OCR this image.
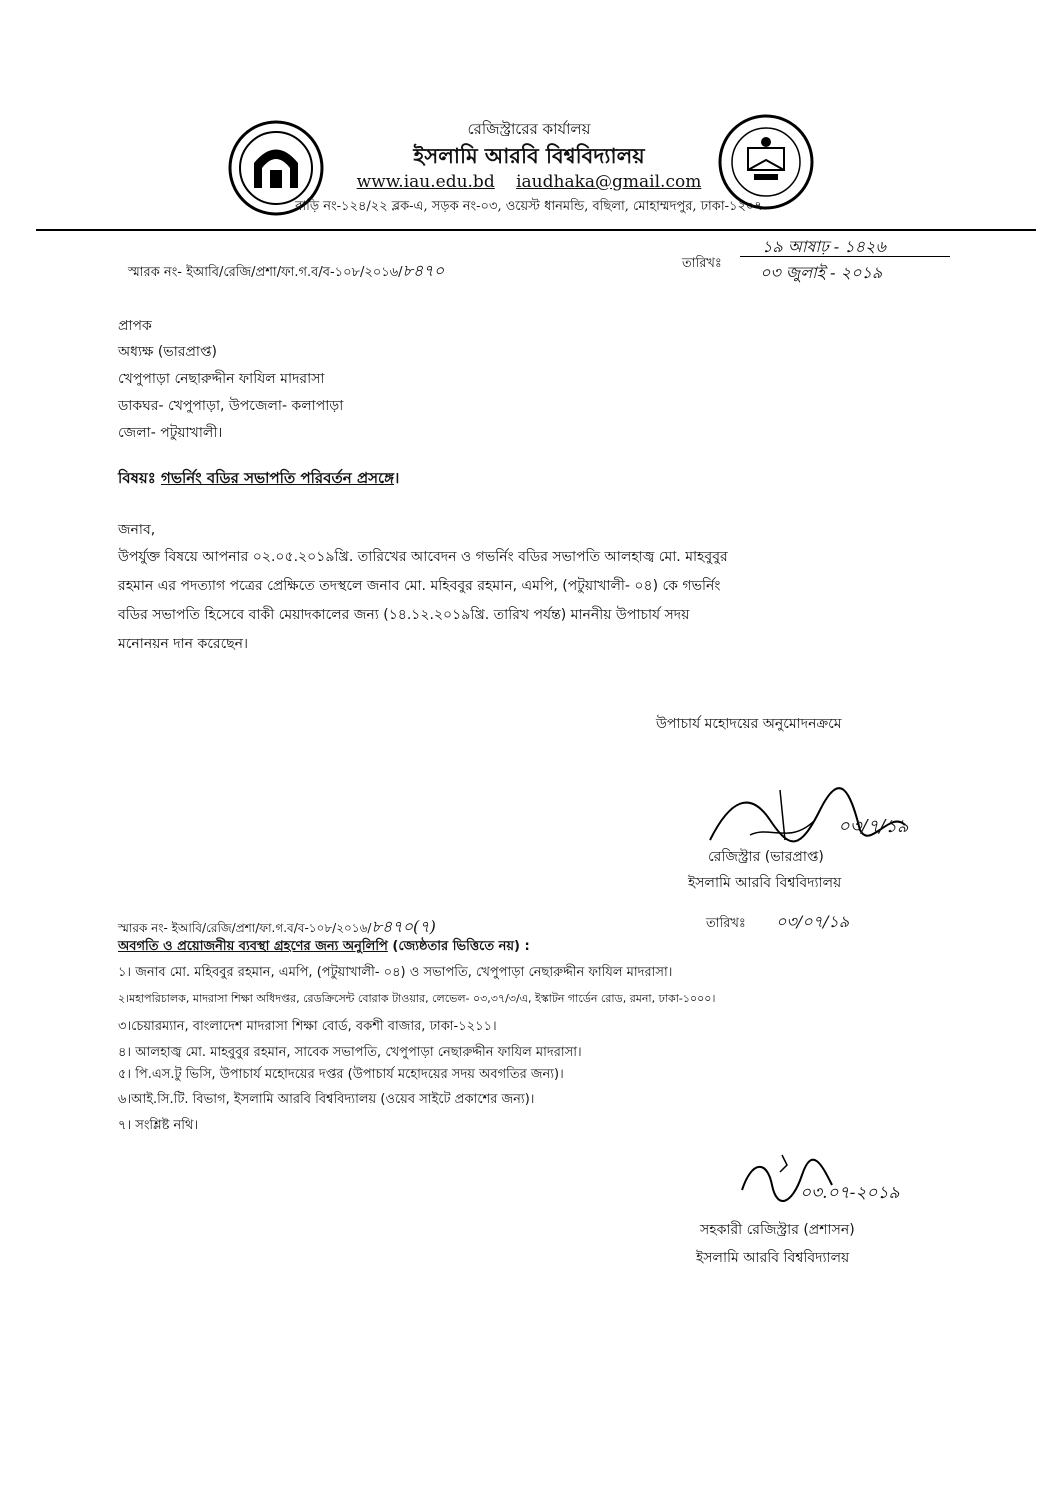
রেজিস্ট্রারের কার্যালয়
ইসলামি আরবি বিশ্ববিদ্যালয়
www.iau.edu.bd iaudhaka@gmail.com
বাড়ি নং-১২৪/২২ ব্লক-এ, সড়ক নং-০৩, ওয়েস্ট ধানমন্ডি, বছিলা, মোহাম্মদপুর, ঢাকা-১২০৭
স্মারক নং- ইআবি/রেজি/প্রশা/ফা.গ.ব/ব-১০৮/২০১৬/৮৪৭০	তারিখঃ
১৯ আষাঢ় - ১৪২৬
০৩ জুলাই - ২০১৯
প্রাপক
অধ্যক্ষ (ভারপ্রাপ্ত)
খেপুপাড়া নেছারুদ্দীন ফাযিল মাদরাসা
ডাকঘর- খেপুপাড়া, উপজেলা- কলাপাড়া
জেলা- পটুয়াখালী।
বিষয়ঃ গভর্নিং বডির সভাপতি পরিবর্তন প্রসঙ্গে।
জনাব,
উপর্যুক্ত বিষয়ে আপনার ০২.০৫.২০১৯খ্রি. তারিখের আবেদন ও গভর্নিং বডির সভাপতি আলহাজ্ব মো. মাহবুবুর
রহমান এর পদত্যাগ পত্রের প্রেক্ষিতে তদস্থলে জনাব মো. মহিববুর রহমান, এমপি, (পটুয়াখালী- ০৪) কে গভর্নিং
বডির সভাপতি হিসেবে বাকী মেয়াদকালের জন্য (১৪.১২.২০১৯খ্রি. তারিখ পর্যন্ত) মাননীয় উপাচার্য সদয়
মনোনয়ন দান করেছেন।
উপাচার্য মহোদয়ের অনুমোদনক্রমে
০৩/৭/১৯
রেজিস্ট্রার (ভারপ্রাপ্ত)
ইসলামি আরবি বিশ্ববিদ্যালয়
স্মারক নং- ইআবি/রেজি/প্রশা/ফা.গ.ব/ব-১০৮/২০১৬/৮৪৭০(৭)	তারিখঃ ০৩/০৭/১৯
অবগতি ও প্রয়োজনীয় ব্যবস্থা গ্রহণের জন্য অনুলিপি (জ্যেষ্ঠতার ভিত্তিতে নয়) :
১। জনাব মো. মহিববুর রহমান, এমপি, (পটুয়াখালী- ০৪) ও সভাপতি, খেপুপাড়া নেছারুদ্দীন ফাযিল মাদরাসা।
২।মহাপরিচালক, মাদরাসা শিক্ষা অধিদপ্তর, রেডক্রিসেন্ট বোরাক টাওয়ার, লেভেল- ০৩,৩৭/৩/এ, ইস্কাটন গার্ডেন রোড, রমনা, ঢাকা-১০০০।
৩।চেয়ারম্যান, বাংলাদেশ মাদরাসা শিক্ষা বোর্ড, বকশী বাজার, ঢাকা-১২১১।
৪। আলহাজ্ব মো. মাহবুবুর রহমান, সাবেক সভাপতি, খেপুপাড়া নেছারুদ্দীন ফাযিল মাদরাসা।
৫। পি.এস.টু ভিসি, উপাচার্য মহোদয়ের দপ্তর (উপাচার্য মহোদয়ের সদয় অবগতির জন্য)।
৬।আই.সি.টি. বিভাগ, ইসলামি আরবি বিশ্ববিদ্যালয় (ওয়েব সাইটে প্রকাশের জন্য)।
৭। সংশ্লিষ্ট নথি।
০৩.০৭-২০১৯
সহকারী রেজিস্ট্রার (প্রশাসন)
ইসলামি আরবি বিশ্ববিদ্যালয়
